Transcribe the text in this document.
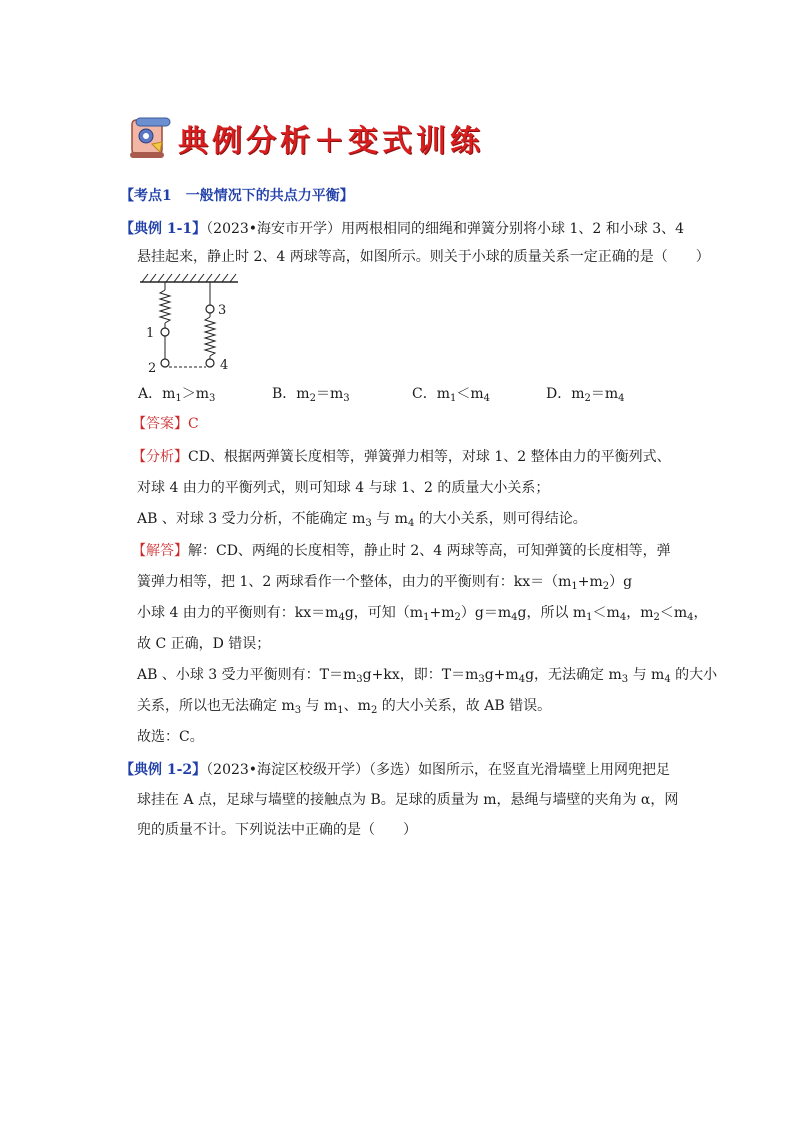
典例分析＋变式训练
【考点1　一般情况下的共点力平衡】
【典例 1-1】（2023•海安市开学）用两根相同的细绳和弹簧分别将小球 1、2 和小球 3、4
悬挂起来，静止时 2、4 两球等高，如图所示。则关于小球的质量关系一定正确的是（　　）
1
2
3
4
A．$m_1>m_3$	B．$m_2=m_3$	C．$m_1<m_4$	D．$m_2=m_4$
【答案】C
【分析】CD、根据两弹簧长度相等，弹簧弹力相等，对球 1、2 整体由力的平衡列式、
对球 4 由力的平衡列式，则可知球 4 与球 1、2 的质量大小关系；
AB 、对球 3 受力分析，不能确定 $m_3$ 与 $m_4$ 的大小关系，则可得结论。
【解答】解：CD、两绳的长度相等，静止时 2、4 两球等高，可知弹簧的长度相等，弹
簧弹力相等，把 1、2 两球看作一个整体，由力的平衡则有：$kx=(m_1+m_2)g$
小球 4 由力的平衡则有：$kx=m_4g$，可知$(m_1+m_2)g=m_4g$，所以 $m_1<m_4$，$m_2<m_4$，
故 C 正确，D 错误；
AB 、小球 3 受力平衡则有：$T=m_3g+kx$，即：$T=m_3g+m_4g$，无法确定 $m_3$ 与 $m_4$ 的大小
关系，所以也无法确定 $m_3$ 与 $m_1$、$m_2$ 的大小关系，故 AB 错误。
故选：C。
【典例 1-2】（2023•海淀区校级开学）（多选）如图所示，在竖直光滑墙壁上用网兜把足
球挂在 A 点，足球与墙壁的接触点为 B。足球的质量为 m，悬绳与墙壁的夹角为 α，网
兜的质量不计。下列说法中正确的是（　　）
